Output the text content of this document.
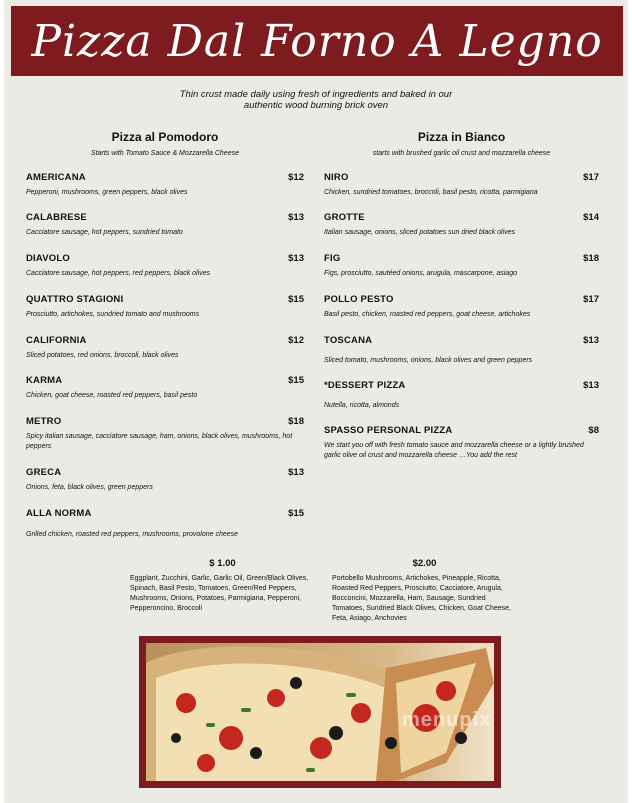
Pizza Dal Forno A Legno
Thin crust made daily using fresh of ingredients and baked in our
authentic wood burning brick oven
Pizza al Pomodoro
Starts with Tomato Sauce & Mozzarella Cheese
AMERICANA	$12
Pepperoni, mushrooms, green peppers, black olives
CALABRESE	$13
Cacciatore sausage, hot peppers, sundried tomato
DIAVOLO	$13
Cacciatore sausage, hot peppers, red peppers, black olives
QUATTRO STAGIONI	$15
Prosciutto, artichokes, sundried tomato and mushrooms
CALIFORNIA	$12
Sliced potatoes, red onions, broccoli, black olives
KARMA	$15
Chicken, goat cheese, roasted red peppers, basil pesto
METRO	$18
Spicy italian sausage, cacciatore sausage, ham, onions, black olives, mushrooms, hot peppers
GRECA	$13
Onions, feta, black olives, green peppers
ALLA NORMA	$15
Grilled chicken, roasted red peppers, mushrooms, provolone cheese
Pizza in Bianco
starts with brushed garlic oil crust and mozzarella cheese
NIRO	$17
Chicken, sundried tomatoes, broccoli, basil pesto, ricotta, parmigiana
GROTTE	$14
Italian sausage, onions, sliced potatoes sun dried black olives
FIG	$18
Figs, prosciutto, sautéed onions, arugula, mascarpone, asiago
POLLO PESTO	$17
Basil pesto, chicken, roasted red peppers, goat cheese, artichokes
TOSCANA	$13
Sliced tomato, mushrooms, onions, black olives and green peppers
*DESSERT PIZZA	$13
Nutella, ricotta, almonds
SPASSO PERSONAL PIZZA	$8
We start you off with fresh tomato sauce and mozzarella cheese or a lightly brushed garlic olive oil crust and mozzarella cheese …You add the rest
$ 1.00
Eggplant, Zucchini, Garlic, Garlic Oil, Green/Black Olives, Spinach, Basil Pesto, Tomatoes, Green/Red Peppers, Mushrooms, Onions, Potatoes, Parmigiana, Pepperoni, Pepperoncino, Broccoli
$2.00
Portobello Mushrooms, Artichokes, Pineapple, Ricotta, Roasted Red Peppers, Prosciutto, Cacciatore, Arugula, Bocconcini, Mozzarella, Ham, Sausage, Sundried Tomatoes, Sundried Black Olives, Chicken, Goat Cheese, Feta, Asiago, Anchovies
menupix
